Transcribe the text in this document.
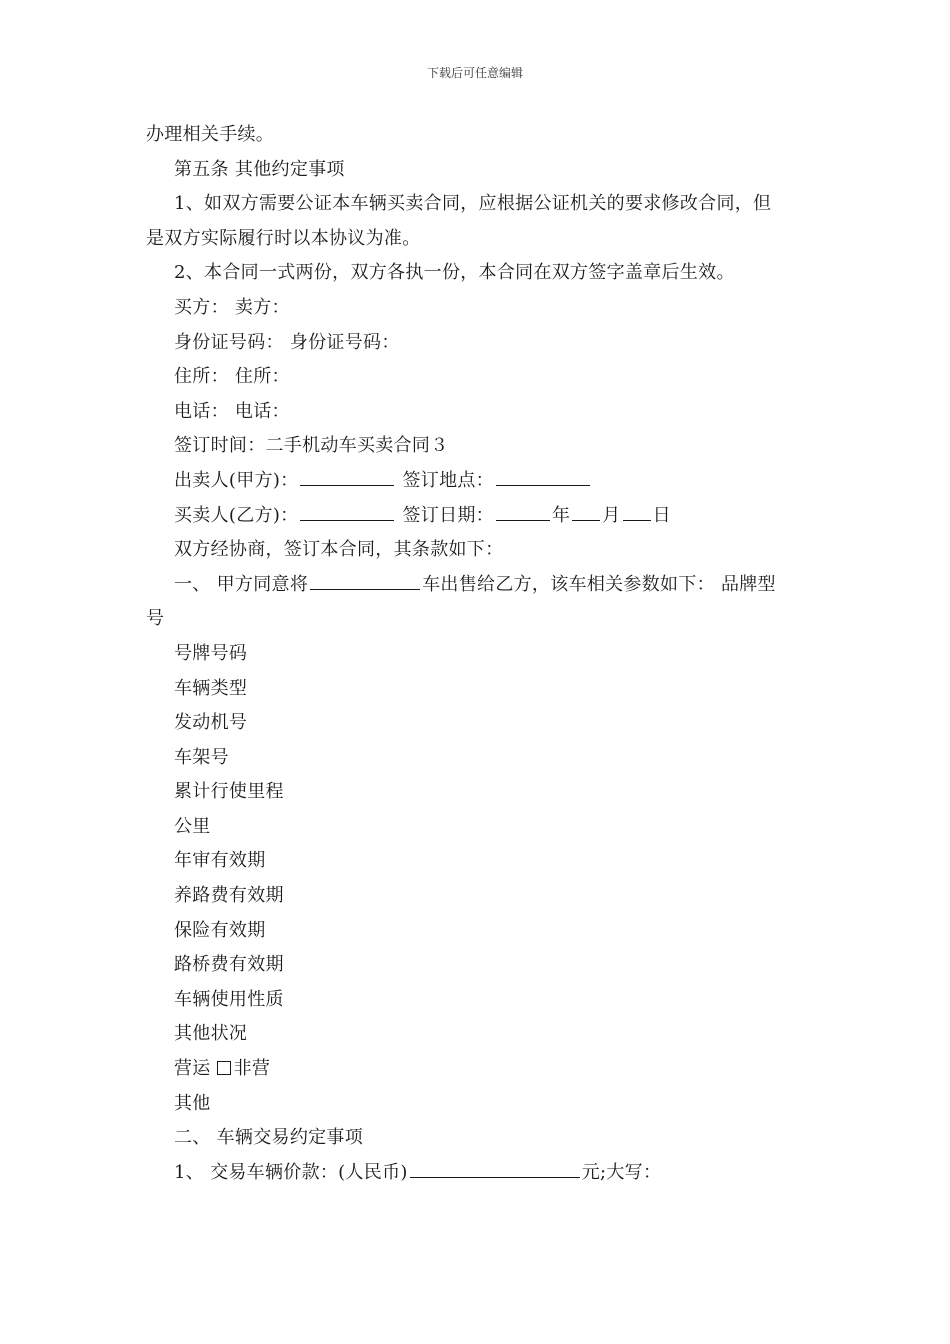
下载后可任意编辑
办理相关手续。
第五条 其他约定事项
1、如双方需要公证本车辆买卖合同，应根据公证机关的要求修改合同，但
是双方实际履行时以本协议为准。
2、本合同一式两份，双方各执一份，本合同在双方签字盖章后生效。
买方： 卖方：
身份证号码： 身份证号码：
住所： 住所：
电话： 电话：
签订时间：二手机动车买卖合同３
出卖人(甲方)：	签订地点：
买卖人(乙方)：	签订日期：	年 月 日
双方经协商，签订本合同，其条款如下：
一、 甲方同意将	车出售给乙方，该车相关参数如下： 品牌型
号
号牌号码
车辆类型
发动机号
车架号
累计行使里程
公里
年审有效期
养路费有效期
保险有效期
路桥费有效期
车辆使用性质
其他状况
营运 非营
其他
二、 车辆交易约定事项
1、 交易车辆价款：(人民币)	元;大写：
